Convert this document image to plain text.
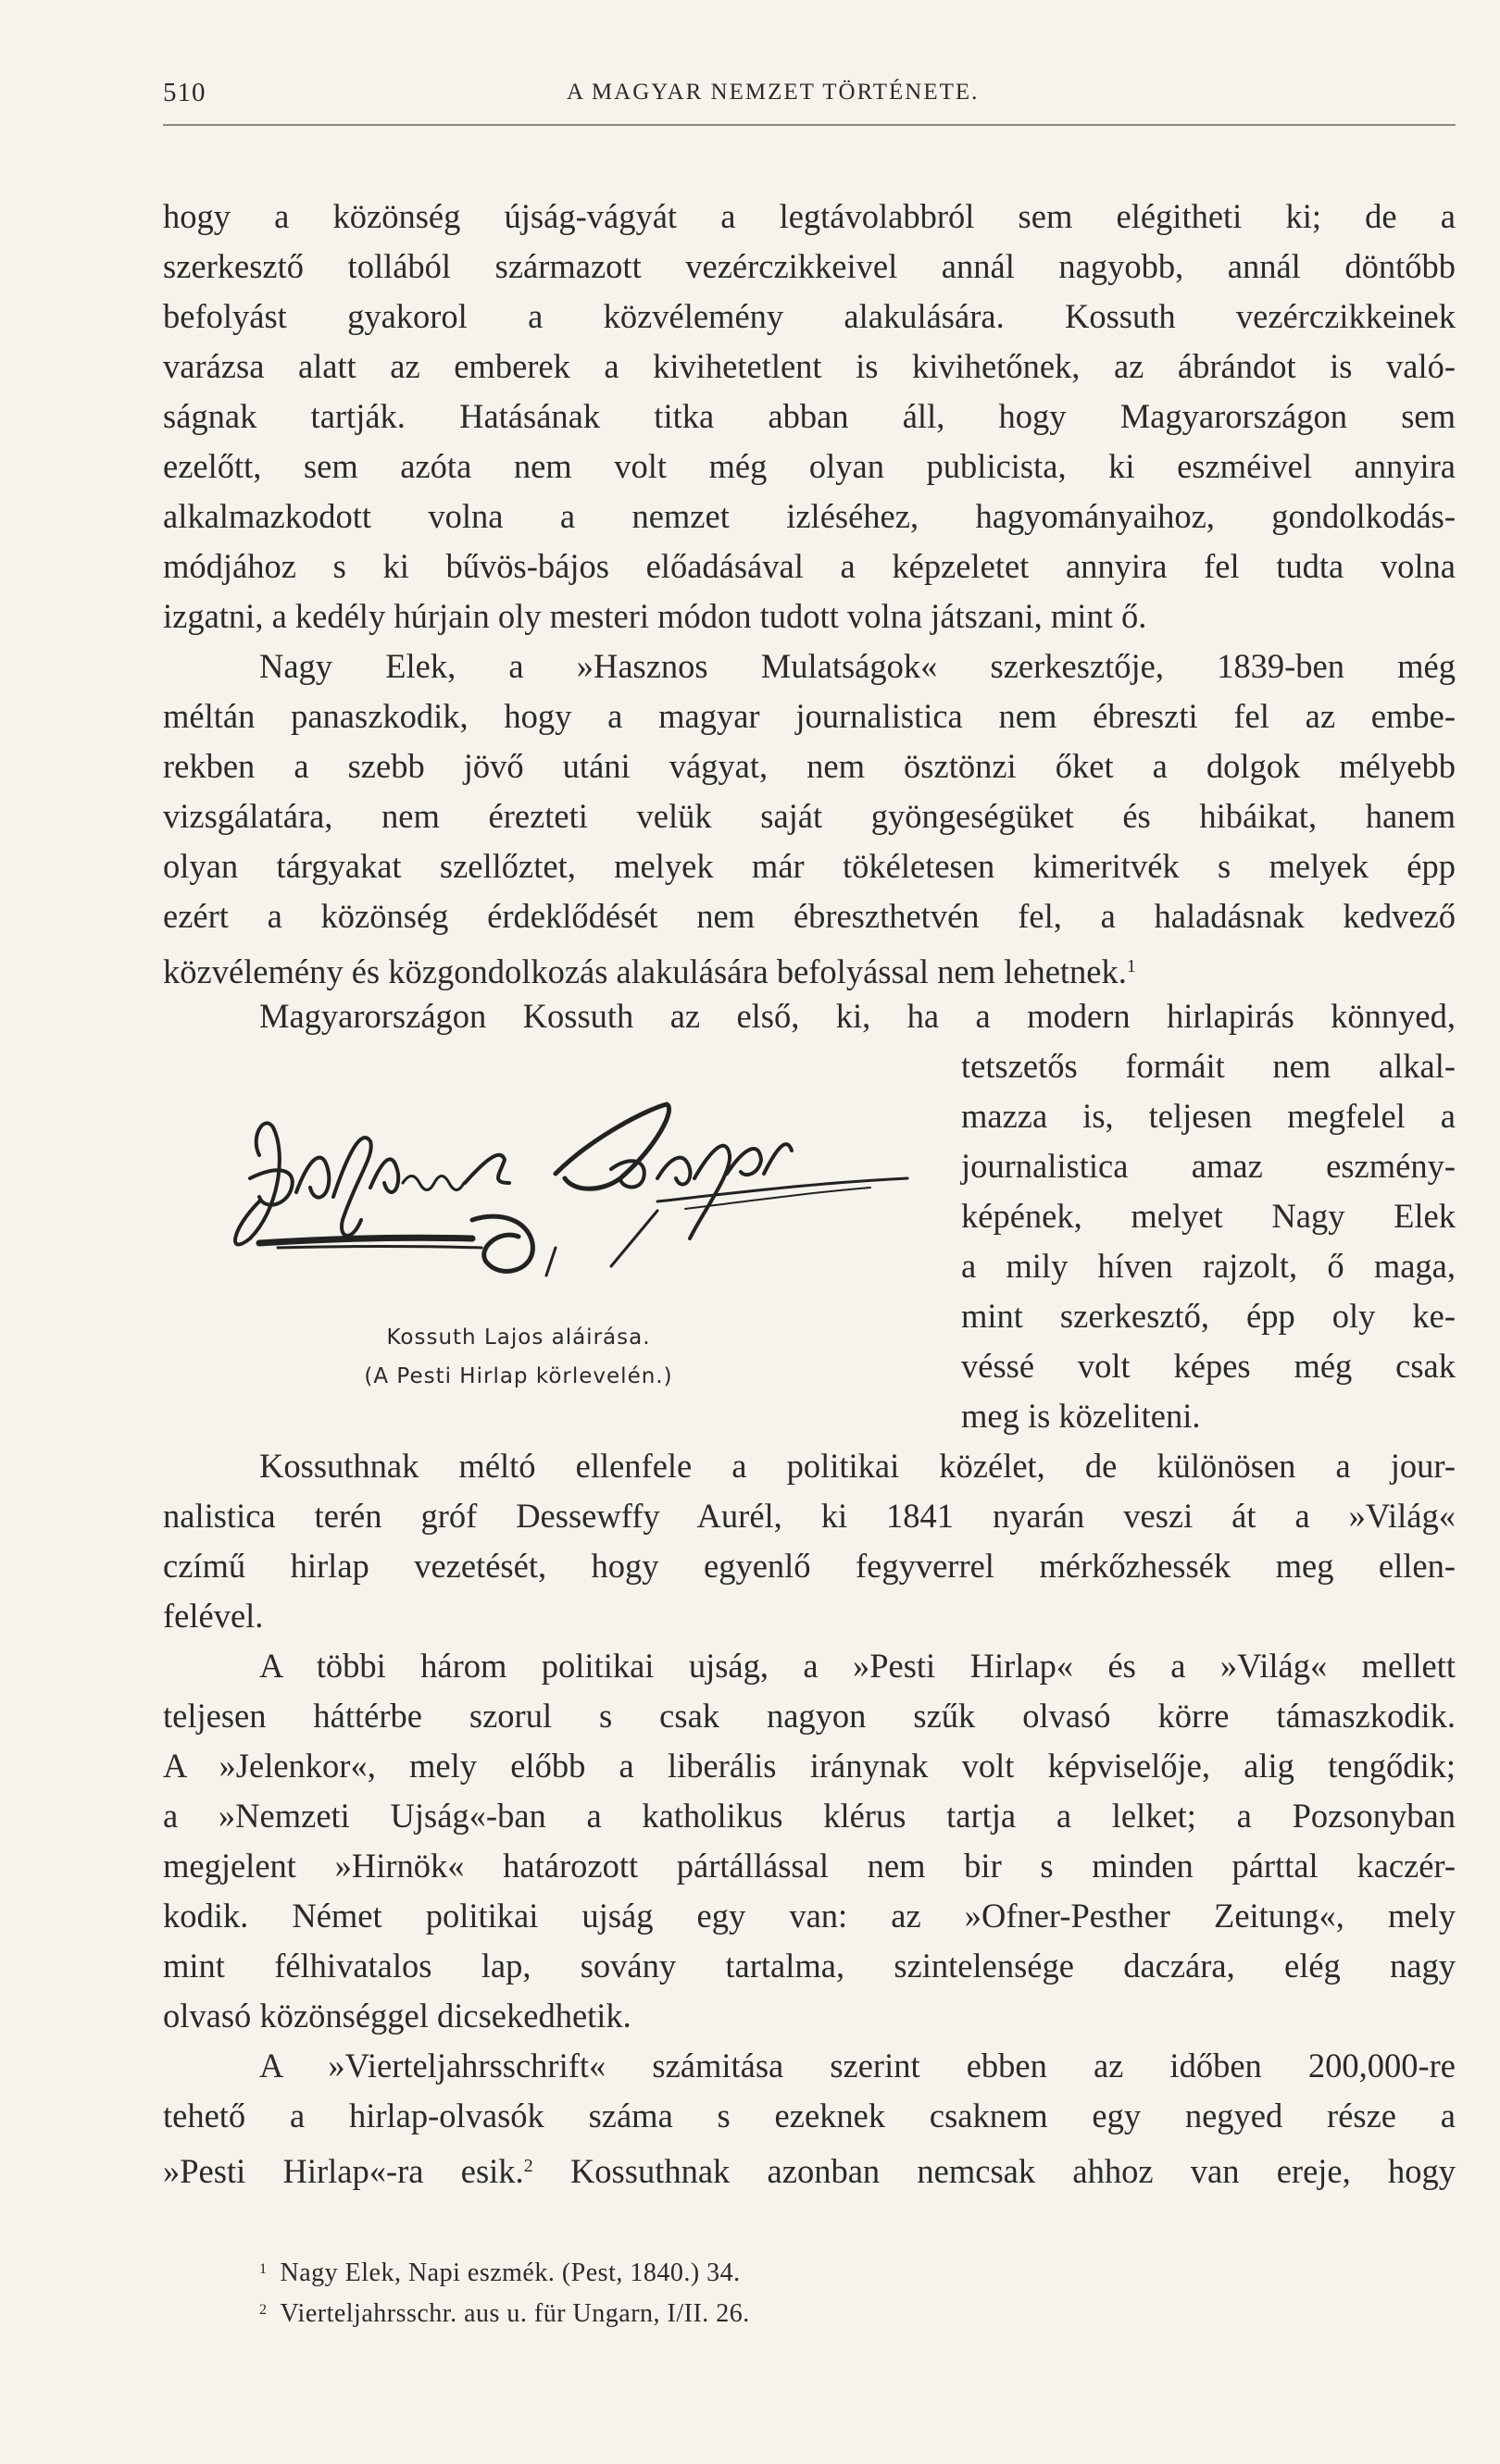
510	A MAGYAR NEMZET TÖRTÉNETE.
hogy a közönség újság-vágyát a legtávolabbról sem elégitheti ki; de a
szerkesztő tollából származott vezérczikkeivel annál nagyobb, annál döntőbb
befolyást gyakorol a közvélemény alakulására. Kossuth vezérczikkeinek
varázsa alatt az emberek a kivihetetlent is kivihetőnek, az ábrándot is való-
ságnak tartják. Hatásának titka abban áll, hogy Magyarországon sem
ezelőtt, sem azóta nem volt még olyan publicista, ki eszméivel annyira
alkalmazkodott volna a nemzet izléséhez, hagyományaihoz, gondolkodás-
módjához s ki bűvös-bájos előadásával a képzeletet annyira fel tudta volna
izgatni, a kedély húrjain oly mesteri módon tudott volna játszani, mint ő.
Nagy Elek, a »Hasznos Mulatságok« szerkesztője, 1839-ben még
méltán panaszkodik, hogy a magyar journalistica nem ébreszti fel az embe-
rekben a szebb jövő utáni vágyat, nem ösztönzi őket a dolgok mélyebb
vizsgálatára, nem érezteti velük saját gyöngeségüket és hibáikat, hanem
olyan tárgyakat szellőztet, melyek már tökéletesen kimeritvék s melyek épp
ezért a közönség érdeklődését nem ébreszthetvén fel, a haladásnak kedvező
közvélemény és közgondolkozás alakulására befolyással nem lehetnek.$^1$
Magyarországon Kossuth az első, ki, ha a modern hirlapirás könnyed,
tetszetős formáit nem alkal-
mazza is, teljesen megfelel a
journalistica amaz eszmény-
képének, melyet Nagy Elek
a mily híven rajzolt, ő maga,
mint szerkesztő, épp oly ke-
véssé volt képes még csak
meg is közeliteni.
Kossuth Lajos aláirása.
(A Pesti Hirlap körlevelén.)
Kossuthnak méltó ellenfele a politikai közélet, de különösen a jour-
nalistica terén gróf Dessewffy Aurél, ki 1841 nyarán veszi át a »Világ«
czímű hirlap vezetését, hogy egyenlő fegyverrel mérkőzhessék meg ellen-
felével.
A többi három politikai ujság, a »Pesti Hirlap« és a »Világ« mellett
teljesen háttérbe szorul s csak nagyon szűk olvasó körre támaszkodik.
A »Jelenkor«, mely előbb a liberális iránynak volt képviselője, alig tengődik;
a »Nemzeti Ujság«-ban a katholikus klérus tartja a lelket; a Pozsonyban
megjelent »Hirnök« határozott pártállással nem bir s minden párttal kaczér-
kodik. Német politikai ujság egy van: az »Ofner-Pesther Zeitung«, mely
mint félhivatalos lap, sovány tartalma, szintelensége daczára, elég nagy
olvasó közönséggel dicsekedhetik.
A »Vierteljahrsschrift« számitása szerint ebben az időben 200,000-re
tehető a hirlap-olvasók száma s ezeknek csaknem egy negyed része a
»Pesti Hirlap«-ra esik.$^2$ Kossuthnak azonban nemcsak ahhoz van ereje, hogy
$^1$ Nagy Elek, Napi eszmék. (Pest, 1840.) 34.
$^2$ Vierteljahrsschr. aus u. für Ungarn, I/II. 26.
